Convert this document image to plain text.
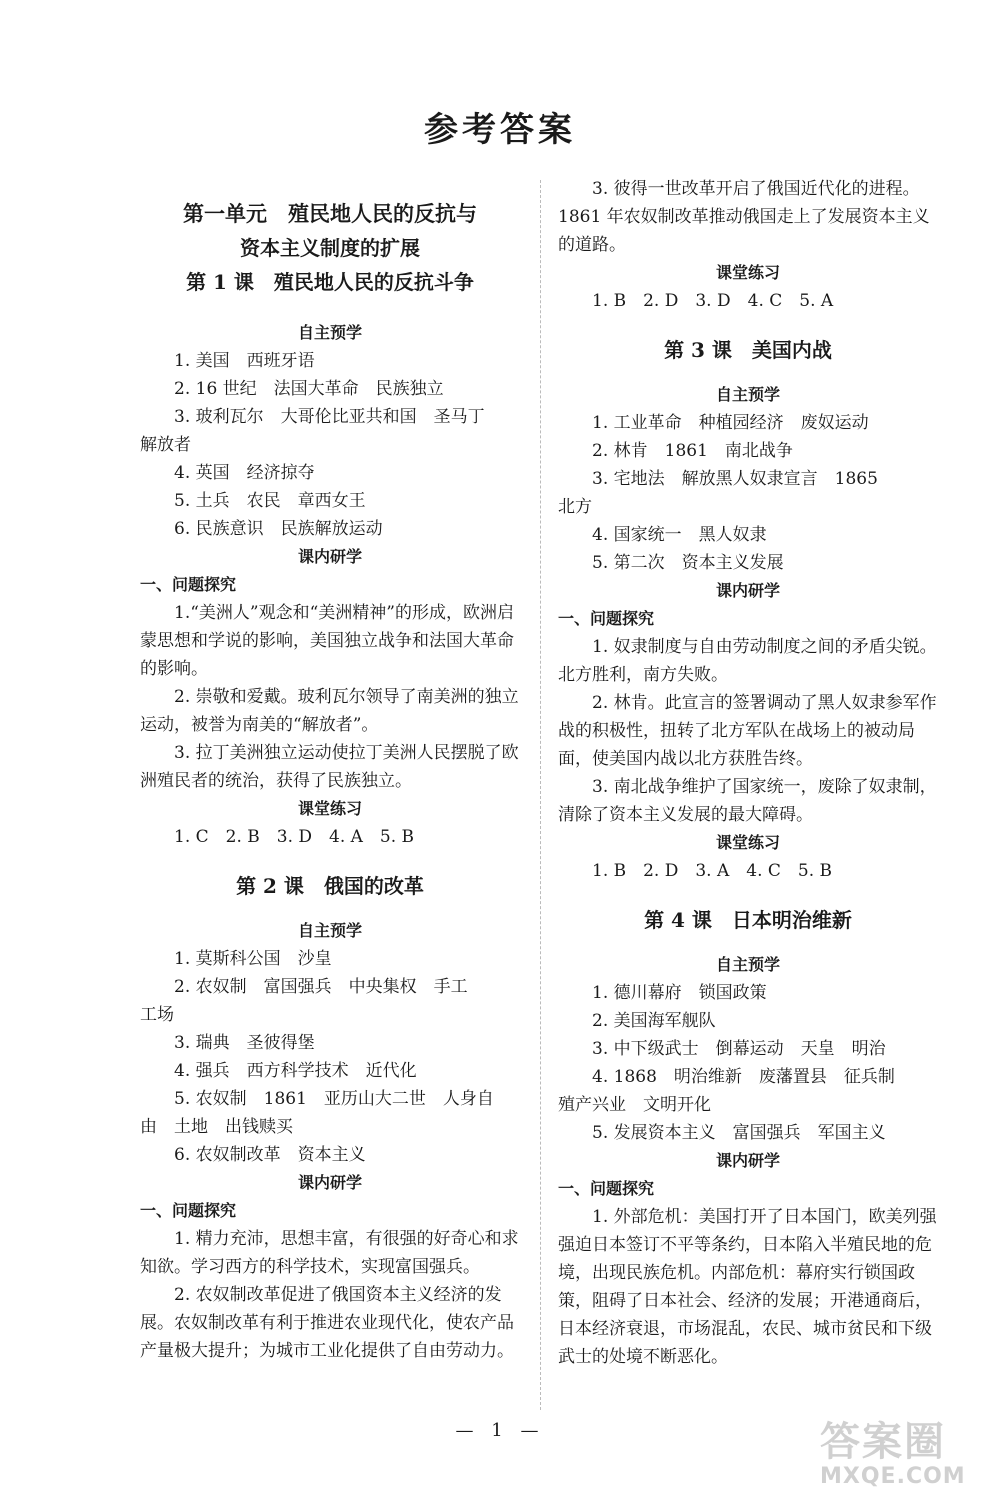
参考答案

第一单元　殖民地人民的反抗与

资本主义制度的扩展

第 1 课　殖民地人民的反抗斗争

自主预学

1. 美国　西班牙语

2. 16 世纪　法国大革命　民族独立

3. 玻利瓦尔　大哥伦比亚共和国　圣马丁

解放者

4. 英国　经济掠夺

5. 土兵　农民　章西女王

6. 民族意识　民族解放运动

课内研学

一、问题探究

1.“美洲人”观念和“美洲精神”的形成，欧洲启蒙思想和学说的影响，美国独立战争和法国大革命的影响。

2. 崇敬和爱戴。玻利瓦尔领导了南美洲的独立运动，被誉为南美的“解放者”。

3. 拉丁美洲独立运动使拉丁美洲人民摆脱了欧洲殖民者的统治，获得了民族独立。

课堂练习

1. C　2. B　3. D　4. A　5. B

第 2 课　俄国的改革

自主预学

1. 莫斯科公国　沙皇

2. 农奴制　富国强兵　中央集权　手工

工场

3. 瑞典　圣彼得堡

4. 强兵　西方科学技术　近代化

5. 农奴制　1861　亚历山大二世　人身自

由　土地　出钱赎买

6. 农奴制改革　资本主义

课内研学

一、问题探究

1. 精力充沛，思想丰富，有很强的好奇心和求知欲。学习西方的科学技术，实现富国强兵。

2. 农奴制改革促进了俄国资本主义经济的发展。农奴制改革有利于推进农业现代化，使农产品产量极大提升；为城市工业化提供了自由劳动力。

3. 彼得一世改革开启了俄国近代化的进程。1861 年农奴制改革推动俄国走上了发展资本主义的道路。

课堂练习

1. B　2. D　3. D　4. C　5. A

第 3 课　美国内战

自主预学

1. 工业革命　种植园经济　废奴运动

2. 林肯　1861　南北战争

3. 宅地法　解放黑人奴隶宣言　1865

北方

4. 国家统一　黑人奴隶

5. 第二次　资本主义发展

课内研学

一、问题探究

1. 奴隶制度与自由劳动制度之间的矛盾尖锐。北方胜利，南方失败。

2. 林肯。此宣言的签署调动了黑人奴隶参军作战的积极性，扭转了北方军队在战场上的被动局面，使美国内战以北方获胜告终。

3. 南北战争维护了国家统一，废除了奴隶制，清除了资本主义发展的最大障碍。

课堂练习

1. B　2. D　3. A　4. C　5. B

第 4 课　日本明治维新

自主预学

1. 德川幕府　锁国政策

2. 美国海军舰队

3. 中下级武士　倒幕运动　天皇　明治

4. 1868　明治维新　废藩置县　征兵制

殖产兴业　文明开化

5. 发展资本主义　富国强兵　军国主义

课内研学

一、问题探究

1. 外部危机：美国打开了日本国门，欧美列强强迫日本签订不平等条约，日本陷入半殖民地的危境，出现民族危机。内部危机：幕府实行锁国政策，阻碍了日本社会、经济的发展；开港通商后，日本经济衰退，市场混乱，农民、城市贫民和下级武士的处境不断恶化。

— 1 —	答案圈
MXQE.COM
